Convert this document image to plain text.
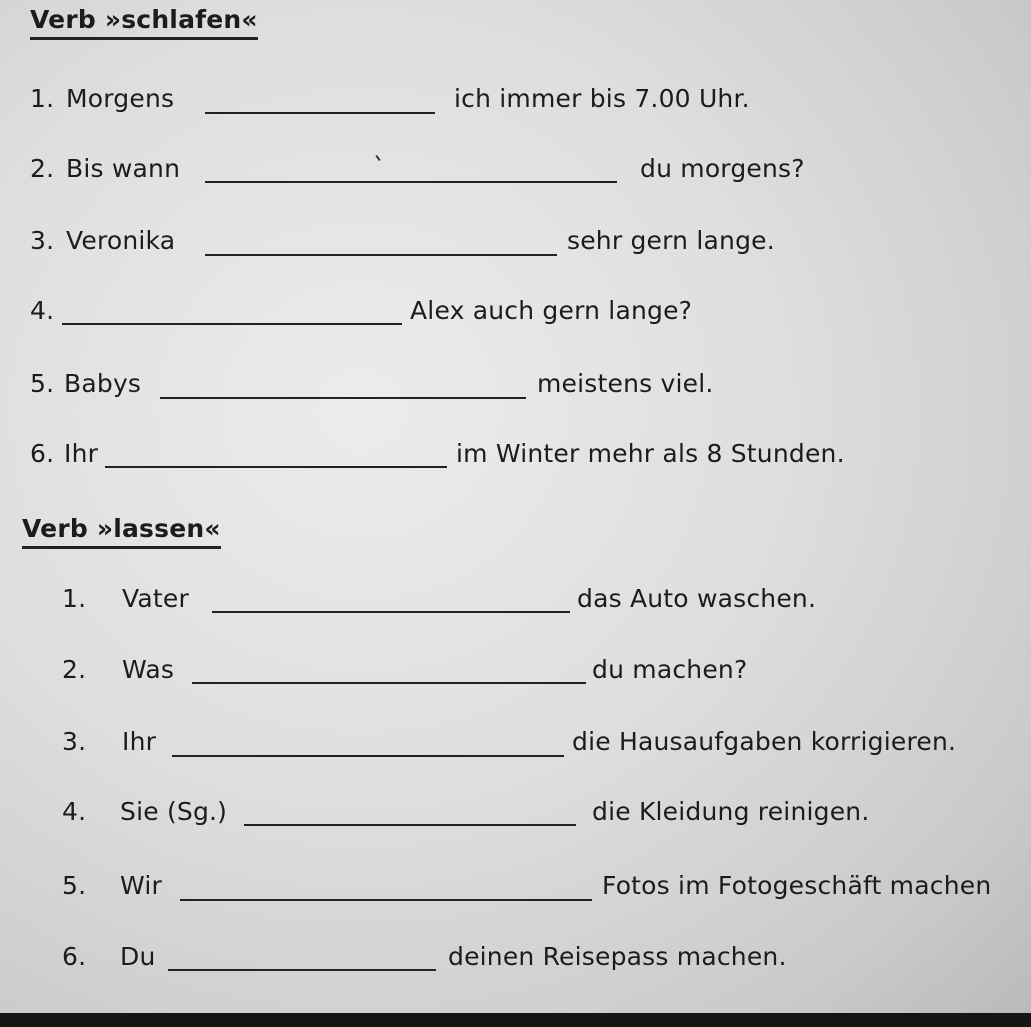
Verb »schlafen«
1. Morgens	ich immer bis 7.00 Uhr.
2. Bis wann	du morgens?
3. Veronika	sehr gern lange.
4.	Alex auch gern lange?
5. Babys	meistens viel.
6. Ihr	im Winter mehr als 8 Stunden.
Verb »lassen«
1. Vater	das Auto waschen.
2. Was	du machen?
3. Ihr	die Hausaufgaben korrigieren.
4. Sie (Sg.)	die Kleidung reinigen.
5. Wir	Fotos im Fotogeschäft machen
6. Du	deinen Reisepass machen.
